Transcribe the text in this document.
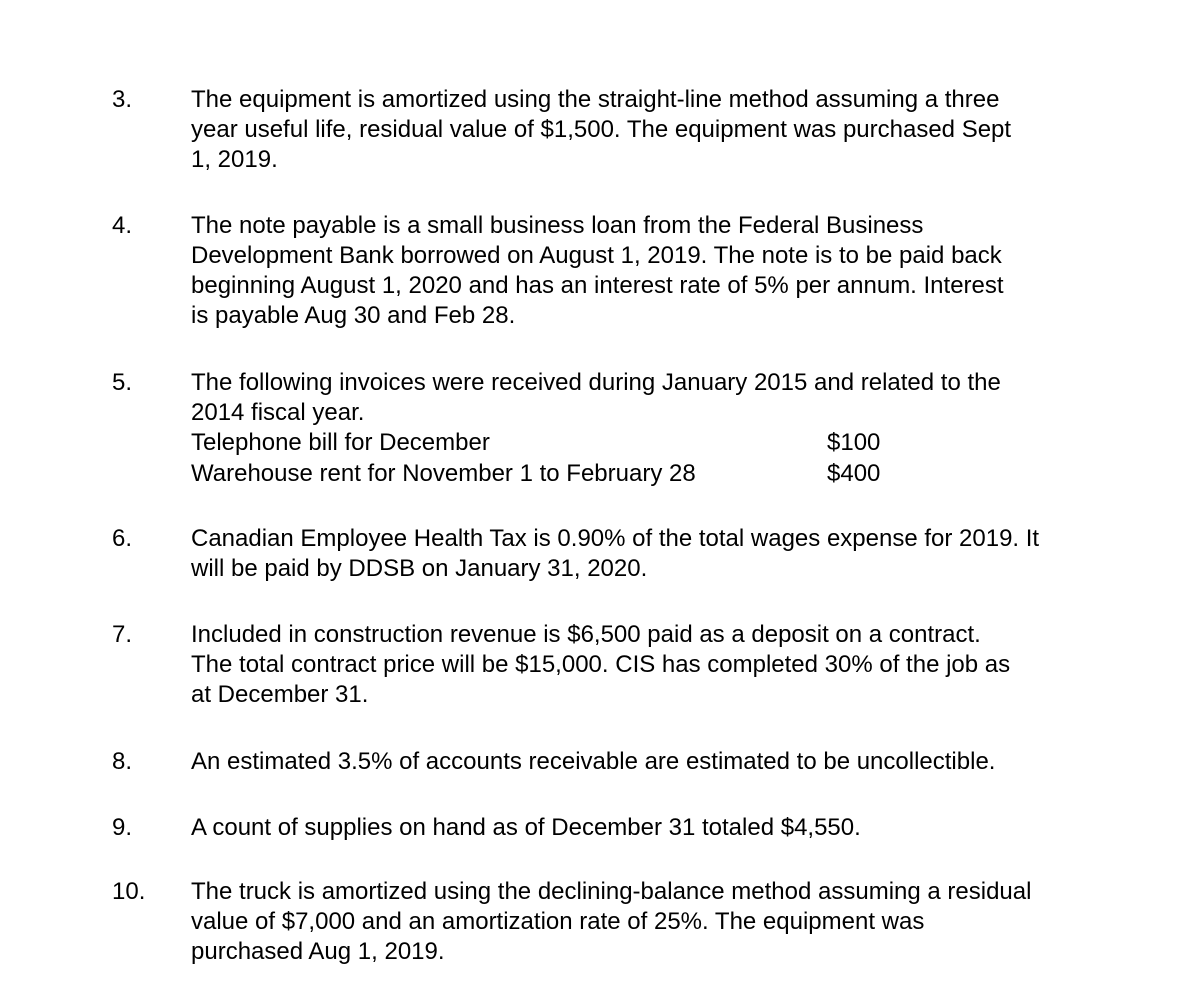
3. The equipment is amortized using the straight-line method assuming a three
year useful life, residual value of $1,500. The equipment was purchased Sept
1, 2019.
4. The note payable is a small business loan from the Federal Business
Development Bank borrowed on August 1, 2019. The note is to be paid back
beginning August 1, 2020 and has an interest rate of 5% per annum. Interest
is payable Aug 30 and Feb 28.
5. The following invoices were received during January 2015 and related to the
2014 fiscal year.
Telephone bill for December	$100
Warehouse rent for November 1 to February 28	$400
6. Canadian Employee Health Tax is 0.90% of the total wages expense for 2019. It
will be paid by DDSB on January 31, 2020.
7. Included in construction revenue is $6,500 paid as a deposit on a contract.
The total contract price will be $15,000. CIS has completed 30% of the job as
at December 31.
8. An estimated 3.5% of accounts receivable are estimated to be uncollectible.
9. A count of supplies on hand as of December 31 totaled $4,550.
10. The truck is amortized using the declining-balance method assuming a residual
value of $7,000 and an amortization rate of 25%. The equipment was
purchased Aug 1, 2019.
